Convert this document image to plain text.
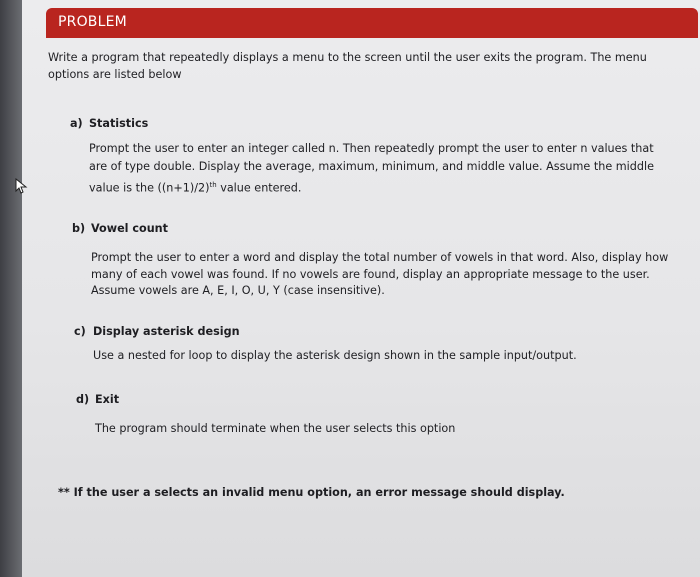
PROBLEM
Write a program that repeatedly displays a menu to the screen until the user exits the program. The menu
options are listed below
a) Statistics
Prompt the user to enter an integer called n. Then repeatedly prompt the user to enter n values that
are of type double. Display the average, maximum, minimum, and middle value. Assume the middle
value is the $((n+1)/2)^{th}$ value entered.
b) Vowel count
Prompt the user to enter a word and display the total number of vowels in that word. Also, display how
many of each vowel was found. If no vowels are found, display an appropriate message to the user.
Assume vowels are A, E, I, O, U, Y (case insensitive).
c) Display asterisk design
Use a nested for loop to display the asterisk design shown in the sample input/output.
d) Exit
The program should terminate when the user selects this option
** If the user a selects an invalid menu option, an error message should display.
